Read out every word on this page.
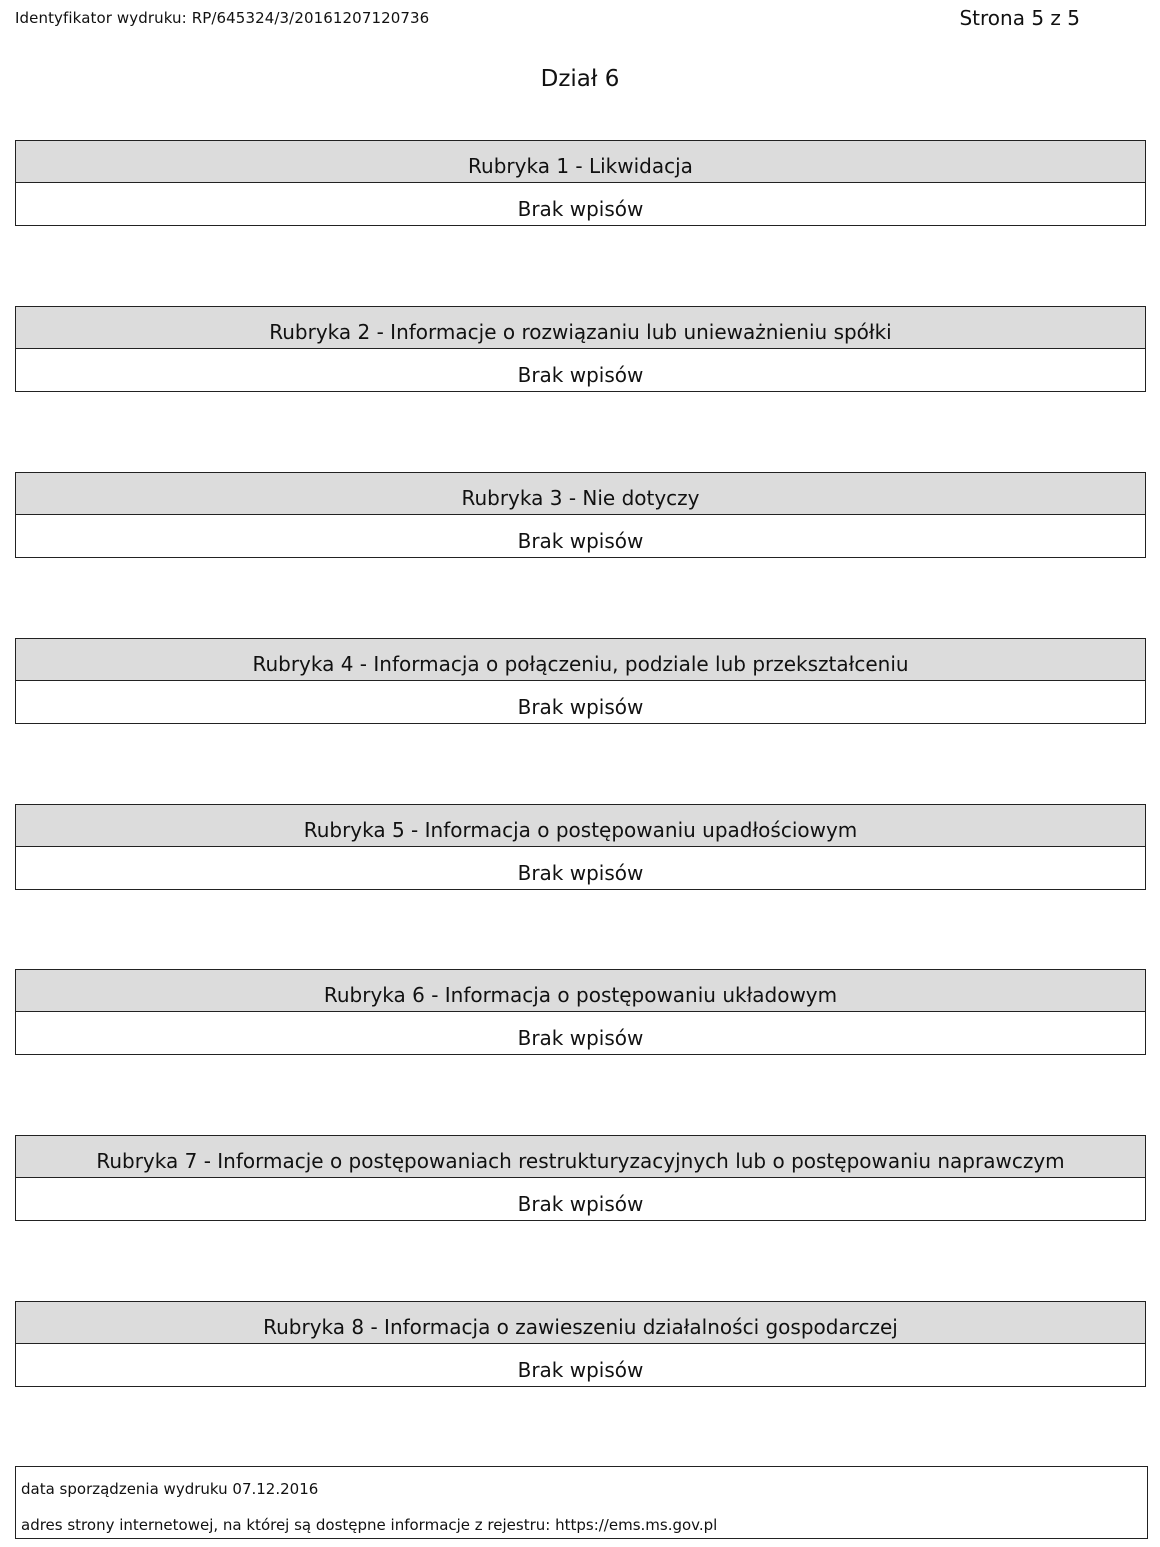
Identyfikator wydruku: RP/645324/3/20161207120736	Strona 5 z 5
Dział 6
Rubryka 1 - Likwidacja
Brak wpisów
Rubryka 2 - Informacje o rozwiązaniu lub unieważnieniu spółki
Brak wpisów
Rubryka 3 - Nie dotyczy
Brak wpisów
Rubryka 4 - Informacja o połączeniu, podziale lub przekształceniu
Brak wpisów
Rubryka 5 - Informacja o postępowaniu upadłościowym
Brak wpisów
Rubryka 6 - Informacja o postępowaniu układowym
Brak wpisów
Rubryka 7 - Informacje o postępowaniach restrukturyzacyjnych lub o postępowaniu naprawczym
Brak wpisów
Rubryka 8 - Informacja o zawieszeniu działalności gospodarczej
Brak wpisów
data sporządzenia wydruku 07.12.2016
adres strony internetowej, na której są dostępne informacje z rejestru: https://ems.ms.gov.pl
